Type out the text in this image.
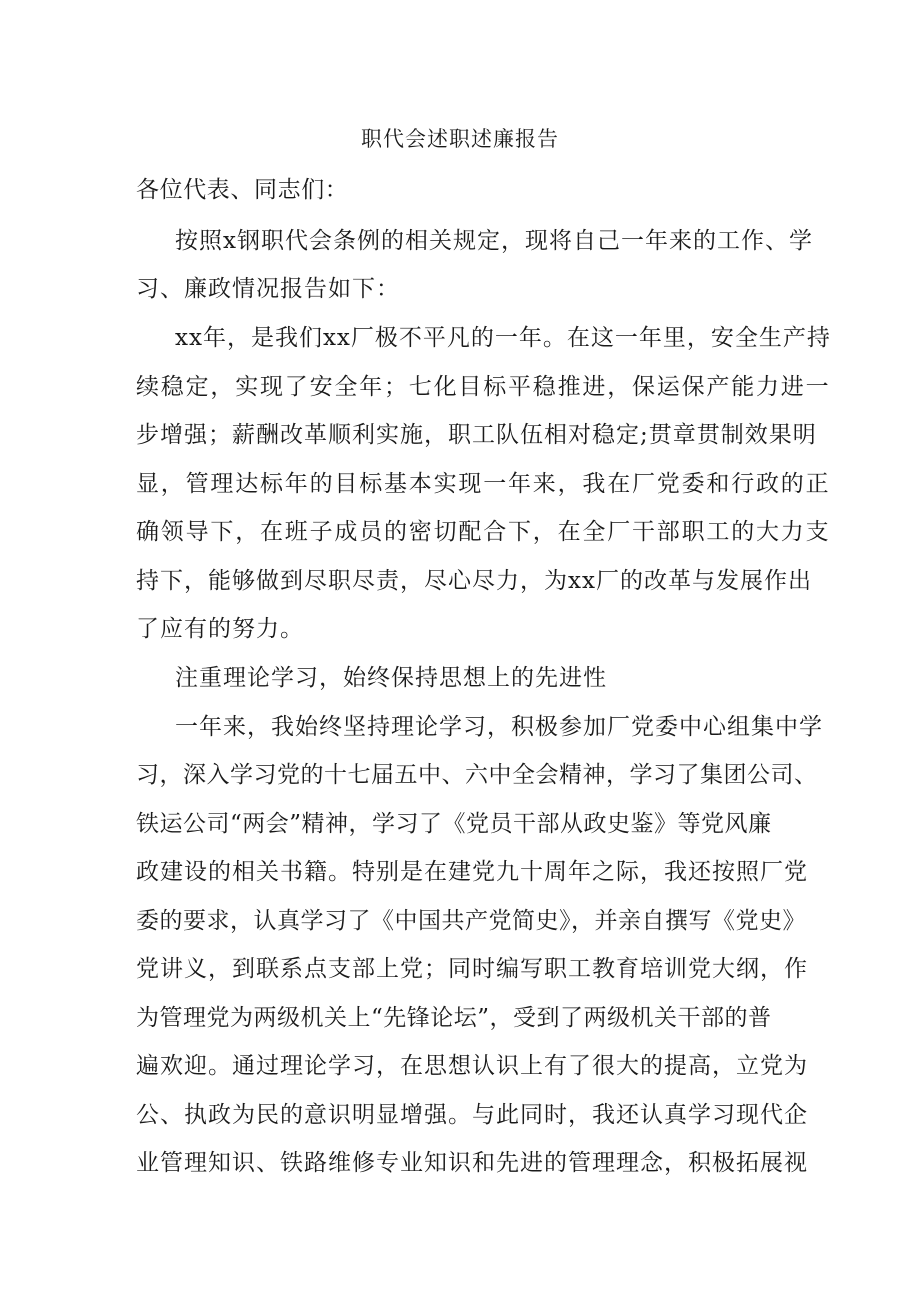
职代会述职述廉报告

各位代表、同志们：

按照x钢职代会条例的相关规定，现将自己一年来的工作、学

习、廉政情况报告如下：

xx年，是我们xx厂极不平凡的一年。在这一年里，安全生产持

续稳定，实现了安全年；七化目标平稳推进，保运保产能力进一

步增强；薪酬改革顺利实施，职工队伍相对稳定;贯章贯制效果明

显，管理达标年的目标基本实现一年来，我在厂党委和行政的正

确领导下，在班子成员的密切配合下，在全厂干部职工的大力支

持下，能够做到尽职尽责，尽心尽力，为xx厂的改革与发展作出

了应有的努力。

注重理论学习，始终保持思想上的先进性

一年来，我始终坚持理论学习，积极参加厂党委中心组集中学

习，深入学习党的十七届五中、六中全会精神，学习了集团公司、

铁运公司“两会”精神，学习了《党员干部从政史鉴》等党风廉

政建设的相关书籍。特别是在建党九十周年之际，我还按照厂党

委的要求，认真学习了《中国共产党简史》，并亲自撰写《党史》

党讲义，到联系点支部上党；同时编写职工教育培训党大纲，作

为管理党为两级机关上“先锋论坛”，受到了两级机关干部的普

遍欢迎。通过理论学习，在思想认识上有了很大的提高，立党为

公、执政为民的意识明显增强。与此同时，我还认真学习现代企

业管理知识、铁路维修专业知识和先进的管理理念，积极拓展视
